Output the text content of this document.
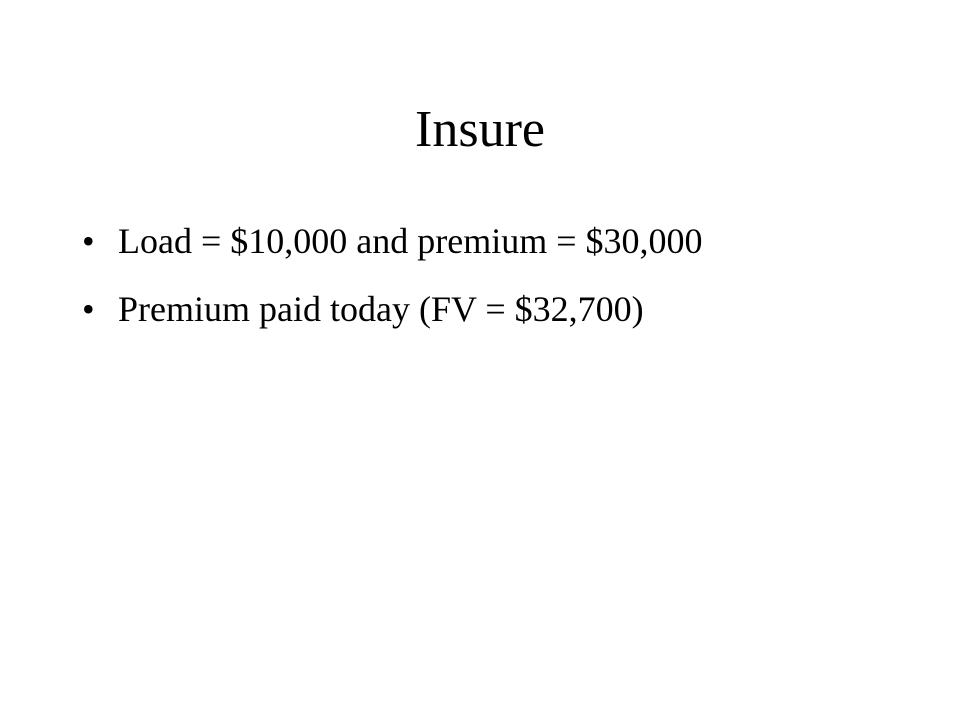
Insure
• Load = $10,000 and premium = $30,000
• Premium paid today (FV = $32,700)
